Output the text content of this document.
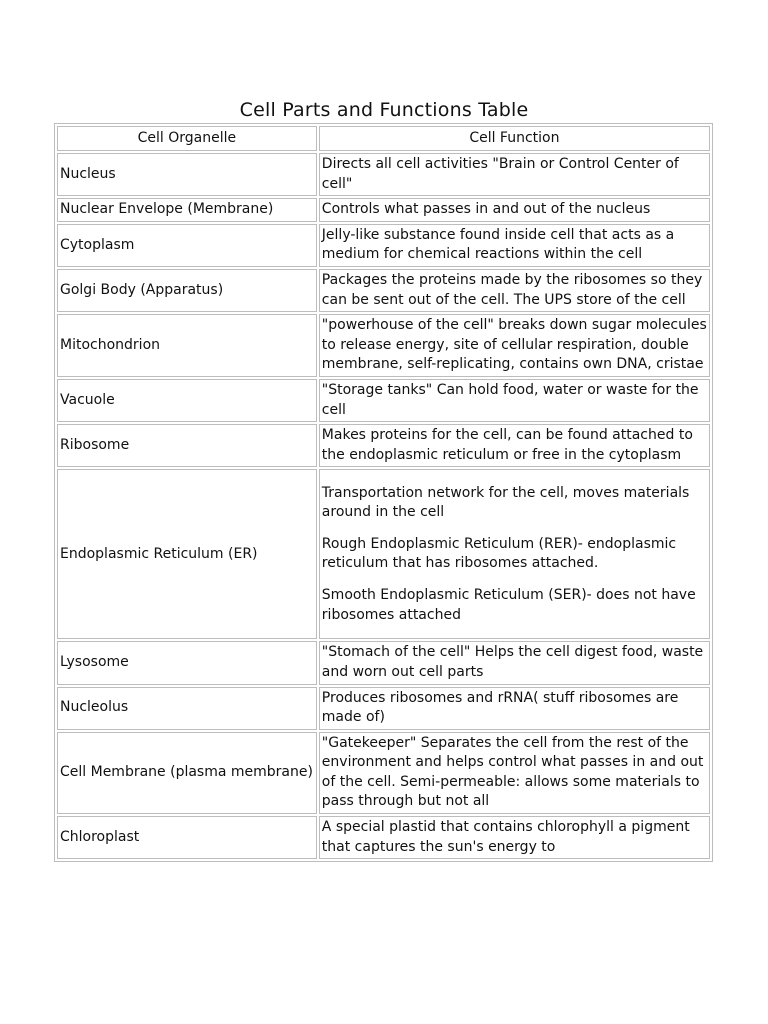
Cell Parts and Functions Table
Cell Organelle	Cell Function
Nucleus	Directs all cell activities "Brain or Control Center of cell"

Nuclear Envelope (Membrane)	Controls what passes in and out of the nucleus

Cytoplasm	Jelly-like substance found inside cell that acts as a medium for chemical reactions within the cell

Golgi Body (Apparatus)	Packages the proteins made by the ribosomes so they can be sent out of the cell. The UPS store of the cell

Mitochondrion	"powerhouse of the cell" breaks down sugar molecules to release energy, site of cellular respiration, double membrane, self-replicating, contains own DNA, cristae

Vacuole	"Storage tanks" Can hold food, water or waste for the cell

Ribosome	Makes proteins for the cell, can be found attached to the endoplasmic reticulum or free in the cytoplasm

Endoplasmic Reticulum (ER)	Transportation network for the cell, moves materials around in the cell

Rough Endoplasmic Reticulum (RER)- endoplasmic reticulum that has ribosomes attached.

Smooth Endoplasmic Reticulum (SER)- does not have ribosomes attached

Lysosome	"Stomach of the cell" Helps the cell digest food, waste and worn out cell parts

Nucleolus	Produces ribosomes and rRNA( stuff ribosomes are made of)

Cell Membrane (plasma membrane)	"Gatekeeper" Separates the cell from the rest of the environment and helps control what passes in and out of the cell. Semi-permeable: allows some materials to pass through but not all

Chloroplast	A special plastid that contains chlorophyll a pigment that captures the sun's energy to
